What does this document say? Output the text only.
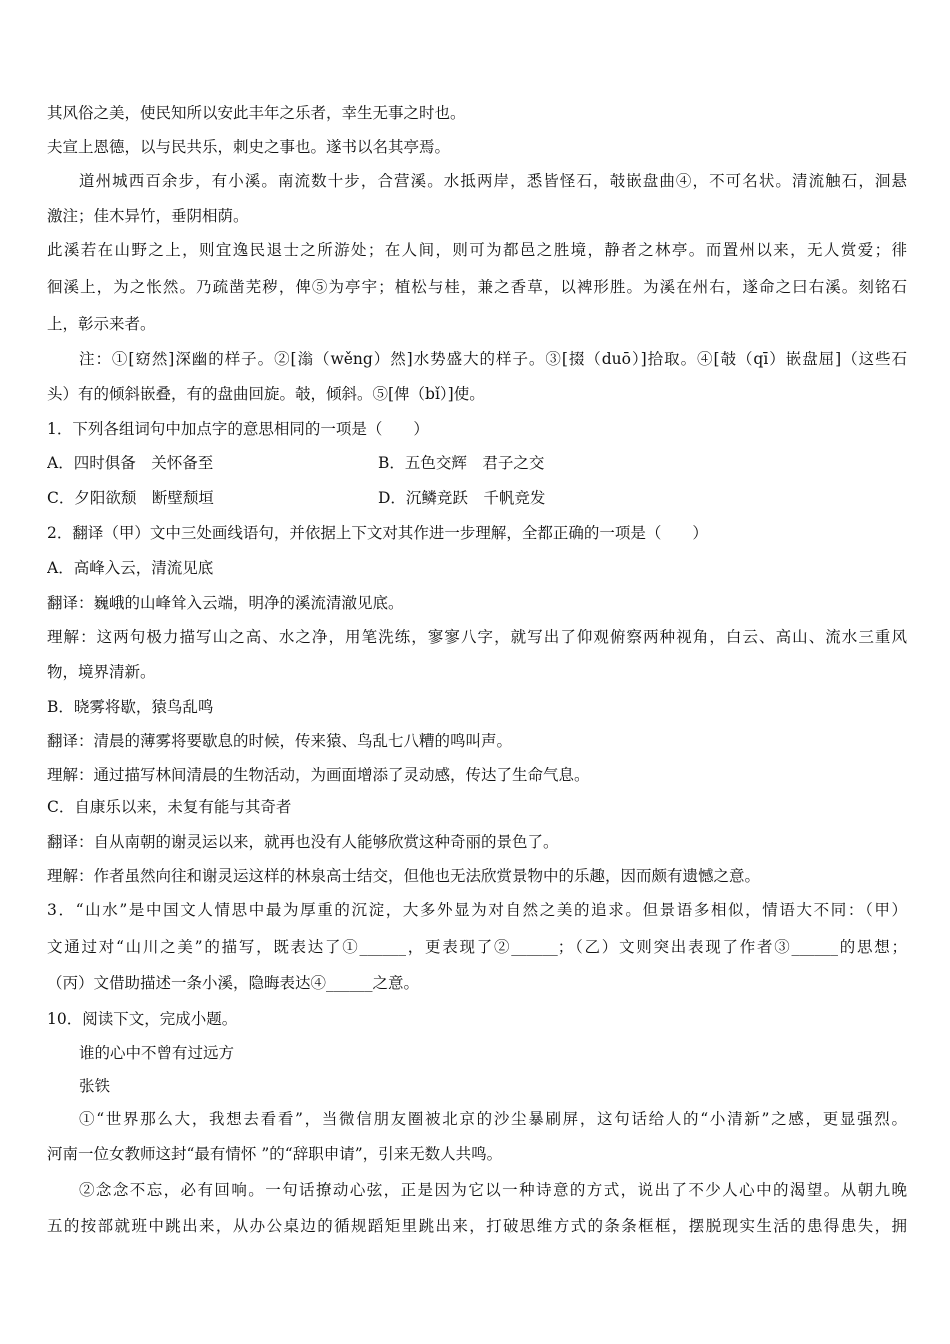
其风俗之美，使民知所以安此丰年之乐者，幸生无事之时也。
夫宣上恩德，以与民共乐，刺史之事也。遂书以名其亭焉。
道州城西百余步，有小溪。南流数十步，合营溪。水抵两岸，悉皆怪石，攲嵌盘曲④，不可名状。清流触石，洄悬
激注；佳木异竹，垂阴相荫。
此溪若在山野之上，则宜逸民退士之所游处；在人间，则可为都邑之胜境，静者之林亭。而置州以来，无人赏爱；徘
徊溪上，为之怅然。乃疏凿芜秽，俾⑤为亭宇；植松与桂，兼之香草，以裨形胜。为溪在州右，遂命之曰右溪。刻铭石
上，彰示来者。
注：①[窈然]深幽的样子。②[滃（wěng）然]水势盛大的样子。③[掇（duō）]拾取。④[攲（qī）嵌盘屈]（这些石
头）有的倾斜嵌叠，有的盘曲回旋。攲，倾斜。⑤[俾（bǐ）]使。
1．下列各组词句中加点字的意思相同的一项是（　　）
A．四时俱备　关怀备至	B．五色交辉　君子之交
C．夕阳欲颓　断壁颓垣	D．沉鳞竞跃　千帆竞发
2．翻译（甲）文中三处画线语句，并依据上下文对其作进一步理解，全都正确的一项是（　　）
A．高峰入云，清流见底
翻译：巍峨的山峰耸入云端，明净的溪流清澈见底。
理解：这两句极力描写山之高、水之净，用笔洗练，寥寥八字，就写出了仰观俯察两种视角，白云、高山、流水三重风
物，境界清新。
B．晓雾将歇，猿鸟乱鸣
翻译：清晨的薄雾将要歇息的时候，传来猿、鸟乱七八糟的鸣叫声。
理解：通过描写林间清晨的生物活动，为画面增添了灵动感，传达了生命气息。
C．自康乐以来，未复有能与其奇者
翻译：自从南朝的谢灵运以来，就再也没有人能够欣赏这种奇丽的景色了。
理解：作者虽然向往和谢灵运这样的林泉高士结交，但他也无法欣赏景物中的乐趣，因而颇有遗憾之意。
3．“山水”是中国文人情思中最为厚重的沉淀，大多外显为对自然之美的追求。但景语多相似，情语大不同：（甲）
文通过对“山川之美”的描写，既表达了①______，更表现了②______；（乙）文则突出表现了作者③______的思想；
（丙）文借助描述一条小溪，隐晦表达④______之意。
10．阅读下文，完成小题。
谁的心中不曾有过远方
张铁
①“世界那么大，我想去看看”，当微信朋友圈被北京的沙尘暴刷屏，这句话给人的“小清新”之感，更显强烈。
河南一位女教师这封“最有情怀 ”的“辞职申请”，引来无数人共鸣。
②念念不忘，必有回响。一句话撩动心弦，正是因为它以一种诗意的方式，说出了不少人心中的渴望。从朝九晚
五的按部就班中跳出来，从办公桌边的循规蹈矩里跳出来，打破思维方式的条条框框，摆脱现实生活的患得患失，拥
